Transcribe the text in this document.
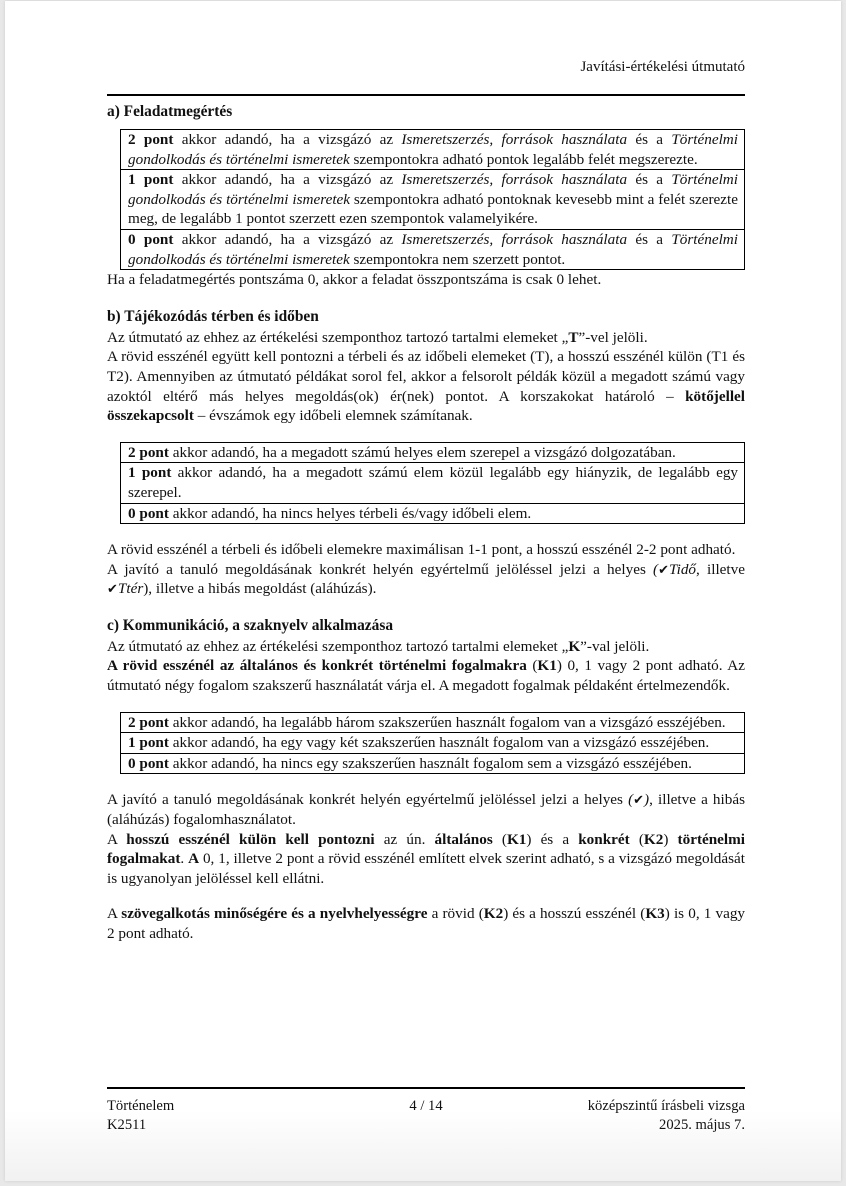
Javítási-értékelési útmutató
a) Feladatmegértés
2 pont akkor adandó, ha a vizsgázó az Ismeretszerzés, források használata és a Történelmi gondolkodás és történelmi ismeretek szempontokra adható pontok legalább felét megszerezte.
1 pont akkor adandó, ha a vizsgázó az Ismeretszerzés, források használata és a Történelmi gondolkodás és történelmi ismeretek szempontokra adható pontoknak kevesebb mint a felét szerezte meg, de legalább 1 pontot szerzett ezen szempontok valamelyikére.
0 pont akkor adandó, ha a vizsgázó az Ismeretszerzés, források használata és a Történelmi gondolkodás és történelmi ismeretek szempontokra nem szerzett pontot.

Ha a feladatmegértés pontszáma 0, akkor a feladat összpontszáma is csak 0 lehet.

b) Tájékozódás térben és időben

Az útmutató az ehhez az értékelési szemponthoz tartozó tartalmi elemeket „T”-vel jelöli.

A rövid esszénél együtt kell pontozni a térbeli és az időbeli elemeket (T), a hosszú esszénél külön (T1 és T2). Amennyiben az útmutató példákat sorol fel, akkor a felsorolt példák közül a megadott számú vagy azoktól eltérő más helyes megoldás(ok) ér(nek) pontot. A korszakokat határoló – kötőjellel összekapcsolt – évszámok egy időbeli elemnek számítanak.

2 pont akkor adandó, ha a megadott számú helyes elem szerepel a vizsgázó dolgozatában.
1 pont akkor adandó, ha a megadott számú elem közül legalább egy hiányzik, de legalább egy szerepel.
0 pont akkor adandó, ha nincs helyes térbeli és/vagy időbeli elem.

A rövid esszénél a térbeli és időbeli elemekre maximálisan 1-1 pont, a hosszú esszénél 2-2 pont adható.

A javító a tanuló megoldásának konkrét helyén egyértelmű jelöléssel jelzi a helyes (✔Tidő, illetve ✔Ttér), illetve a hibás megoldást (aláhúzás).

c) Kommunikáció, a szaknyelv alkalmazása

Az útmutató az ehhez az értékelési szemponthoz tartozó tartalmi elemeket „K”-val jelöli.

A rövid esszénél az általános és konkrét történelmi fogalmakra (K1) 0, 1 vagy 2 pont adható. Az útmutató négy fogalom szakszerű használatát várja el. A megadott fogalmak példaként értelmezendők.

2 pont akkor adandó, ha legalább három szakszerűen használt fogalom van a vizsgázó esszéjében.
1 pont akkor adandó, ha egy vagy két szakszerűen használt fogalom van a vizsgázó esszéjében.
0 pont akkor adandó, ha nincs egy szakszerűen használt fogalom sem a vizsgázó esszéjében.

A javító a tanuló megoldásának konkrét helyén egyértelmű jelöléssel jelzi a helyes (✔), illetve a hibás (aláhúzás) fogalomhasználatot.

A hosszú esszénél külön kell pontozni az ún. általános (K1) és a konkrét (K2) történelmi fogalmakat. A 0, 1, illetve 2 pont a rövid esszénél említett elvek szerint adható, s a vizsgázó megoldását is ugyanolyan jelöléssel kell ellátni.

A szövegalkotás minőségére és a nyelvhelyességre a rövid (K2) és a hosszú esszénél (K3) is 0, 1 vagy 2 pont adható.

Történelem
K2511
4 / 14	középszintű írásbeli vizsga
2025. május 7.
